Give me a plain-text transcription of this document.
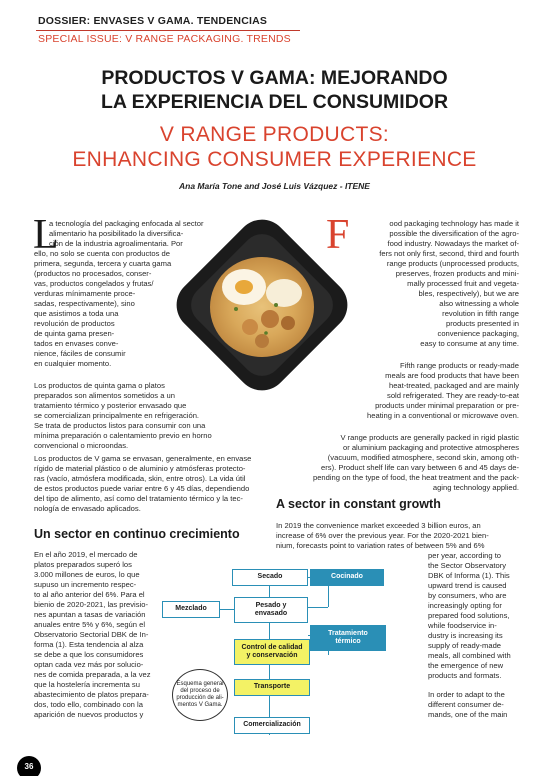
DOSSIER: ENVASES V GAMA. TENDENCIAS
SPECIAL ISSUE: V RANGE PACKAGING. TRENDS
PRODUCTOS V GAMA: MEJORANDO
LA EXPERIENCIA DEL CONSUMIDOR
V RANGE PRODUCTS:
ENHANCING CONSUMER EXPERIENCE
Ana María Tone and José Luis Vázquez - ITENE
L	F
a tecnología del packaging enfocada al sector
alimentario ha posibilitado la diversifica-
ción de la industria agroalimentaria. Por
ello, no solo se cuenta con productos de
primera, segunda, tercera y cuarta gama
(productos no procesados, conser-
vas, productos congelados y frutas/
verduras mínimamente proce-
sadas, respectivamente), sino
que asistimos a toda una
revolución de productos
de quinta gama presen-
tados en envases conve-
nience, fáciles de consumir
en cualquier momento.
Los productos de quinta gama o platos
preparados son alimentos sometidos a un
tratamiento térmico y posterior envasado que
se comercializan principalmente en refrigeración.
Se trata de productos listos para consumir con una
mínima preparación o calentamiento previo en horno
convencional o microondas.
Los productos de V gama se envasan, generalmente, en envase
rígido de material plástico o de aluminio y atmósferas protecto-
ras (vacío, atmósfera modificada, skin, entre otros). La vida útil
de estos productos puede variar entre 6 y 45 días, dependiendo
del tipo de alimento, así como del tratamiento térmico y la tec-
nología de envasado aplicados.
Un sector en continuo crecimiento
En el año 2019, el mercado de
platos preparados superó los
3.000 millones de euros, lo que
supuso un incremento respec-
to al año anterior del 6%. Para el
bienio de 2020-2021, las previsio-
nes apuntan a tasas de variación
anuales entre 5% y 6%, según el
Observatorio Sectorial DBK de In-
forma (1). Esta tendencia al alza
se debe a que los consumidores
optan cada vez más por solucio-
nes de comida preparada, a la vez
que la hostelería incrementa su
abastecimiento de platos prepara-
dos, todo ello, combinado con la
aparición de nuevos productos y
ood packaging technology has made it
possible the diversification of the agro-
food industry. Nowadays the market of-
fers not only first, second, third and fourth
range products (unprocessed products,
preserves, frozen products and mini-
mally processed fruit and vegeta-
bles, respectively), but we are
also witnessing a whole
revolution in fifth range
products presented in
convenience packaging,
easy to consume at any time.
Fifth range products or ready-made
meals are food products that have been
heat-treated, packaged and are mainly
sold refrigerated. They are ready-to-eat
products under minimal preparation or pre-
heating in a conventional or microwave oven.
V range products are generally packed in rigid plastic
or aluminium packaging and protective atmospheres
(vacuum, modified atmosphere, second skin, among oth-
ers). Product shelf life can vary between 6 and 45 days de-
pending on the type of food, the heat treatment and the pack-
aging technology applied.
A sector in constant growth
In 2019 the convenience market exceeded 3 billion euros, an
increase of 6% over the previous year. For the 2020-2021 bien-
nium, forecasts point to variation rates of between 5% and 6%
per year, according to
the Sector Observatory
DBK of Informa (1). This
upward trend is caused
by consumers, who are
increasingly opting for
prepared food solutions,
while foodservice in-
dustry is increasing its
supply of ready-made
meals, all combined with
the emergence of new
products and formats.
In order to adapt to the
different consumer de-
mands, one of the main
Secado	Cocinado
Mezclado
Pesado y
envasado
Tratamiento
térmico
Control de calidad
y conservación
Transporte
Comercialización
Esquema general
del proceso de
producción de ali-
mentos V Gama.
36
